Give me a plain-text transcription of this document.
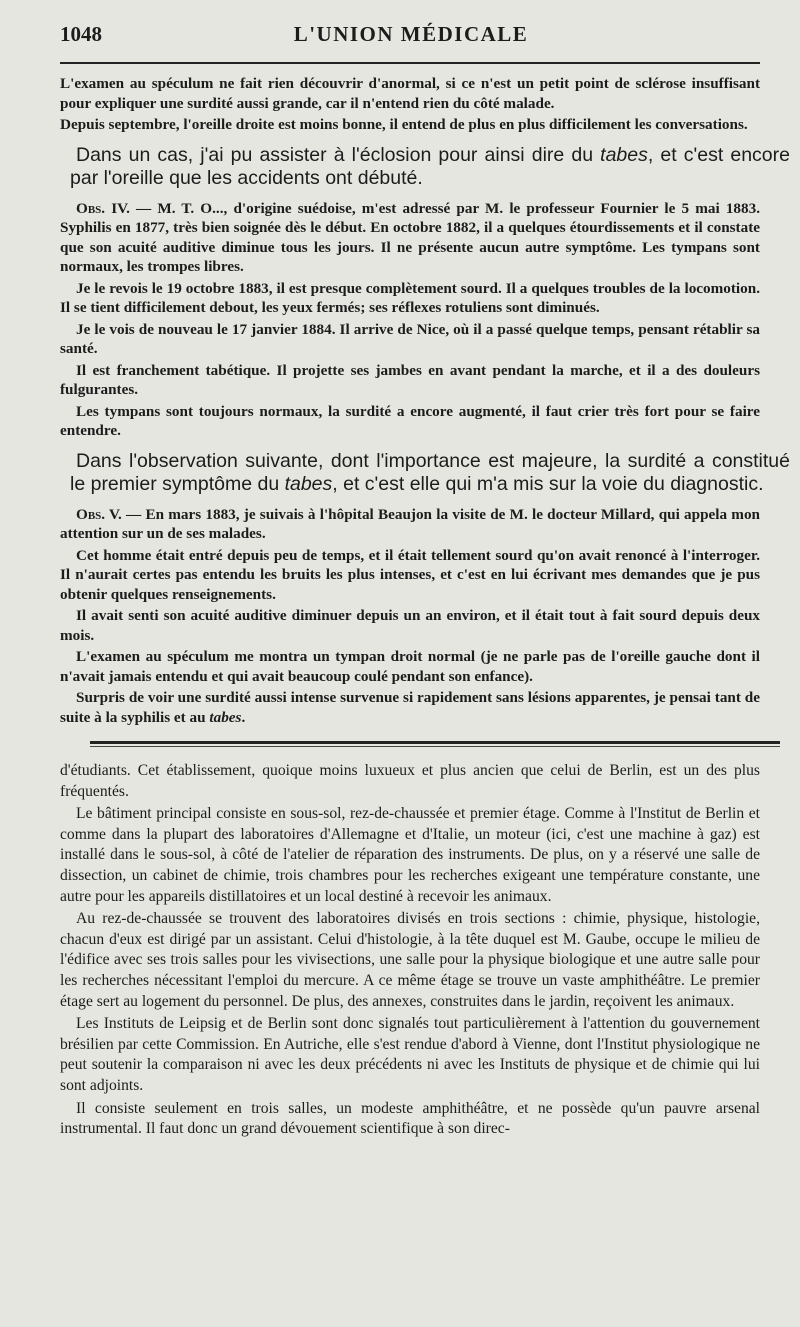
1048	L'UNION MÉDICALE

L'examen au spéculum ne fait rien découvrir d'anormal, si ce n'est un petit point de sclérose insuffisant pour expliquer une surdité aussi grande, car il n'entend rien du côté malade.

Depuis septembre, l'oreille droite est moins bonne, il entend de plus en plus difficilement les conversations.

Dans un cas, j'ai pu assister à l'éclosion pour ainsi dire du tabes, et c'est encore par l'oreille que les accidents ont débuté.

Obs. IV. — M. T. O..., d'origine suédoise, m'est adressé par M. le professeur Fournier le 5 mai 1883. Syphilis en 1877, très bien soignée dès le début. En octobre 1882, il a quelques étourdissements et il constate que son acuité auditive diminue tous les jours. Il ne présente aucun autre symptôme. Les tympans sont normaux, les trompes libres.

Je le revois le 19 octobre 1883, il est presque complètement sourd. Il a quelques troubles de la locomotion. Il se tient difficilement debout, les yeux fermés; ses réflexes rotuliens sont diminués.

Je le vois de nouveau le 17 janvier 1884. Il arrive de Nice, où il a passé quelque temps, pensant rétablir sa santé.

Il est franchement tabétique. Il projette ses jambes en avant pendant la marche, et il a des douleurs fulgurantes.

Les tympans sont toujours normaux, la surdité a encore augmenté, il faut crier très fort pour se faire entendre.

Dans l'observation suivante, dont l'importance est majeure, la surdité a constitué le premier symptôme du tabes, et c'est elle qui m'a mis sur la voie du diagnostic.

Obs. V. — En mars 1883, je suivais à l'hôpital Beaujon la visite de M. le docteur Millard, qui appela mon attention sur un de ses malades.

Cet homme était entré depuis peu de temps, et il était tellement sourd qu'on avait renoncé à l'interroger. Il n'aurait certes pas entendu les bruits les plus intenses, et c'est en lui écrivant mes demandes que je pus obtenir quelques renseignements.

Il avait senti son acuité auditive diminuer depuis un an environ, et il était tout à fait sourd depuis deux mois.

L'examen au spéculum me montra un tympan droit normal (je ne parle pas de l'oreille gauche dont il n'avait jamais entendu et qui avait beaucoup coulé pendant son enfance).

Surpris de voir une surdité aussi intense survenue si rapidement sans lésions apparentes, je pensai tant de suite à la syphilis et au tabes.

d'étudiants. Cet établissement, quoique moins luxueux et plus ancien que celui de Berlin, est un des plus fréquentés.

Le bâtiment principal consiste en sous-sol, rez-de-chaussée et premier étage. Comme à l'Institut de Berlin et comme dans la plupart des laboratoires d'Allemagne et d'Italie, un moteur (ici, c'est une machine à gaz) est installé dans le sous-sol, à côté de l'atelier de réparation des instruments. De plus, on y a réservé une salle de dissection, un cabinet de chimie, trois chambres pour les recherches exigeant une température constante, une autre pour les appareils distillatoires et un local destiné à recevoir les animaux.

Au rez-de-chaussée se trouvent des laboratoires divisés en trois sections : chimie, physique, histologie, chacun d'eux est dirigé par un assistant. Celui d'histologie, à la tête duquel est M. Gaube, occupe le milieu de l'édifice avec ses trois salles pour les vivisections, une salle pour la physique biologique et une autre salle pour les recherches nécessitant l'emploi du mercure. A ce même étage se trouve un vaste amphithéâtre. Le premier étage sert au logement du personnel. De plus, des annexes, construites dans le jardin, reçoivent les animaux.

Les Instituts de Leipsig et de Berlin sont donc signalés tout particulièrement à l'attention du gouvernement brésilien par cette Commission. En Autriche, elle s'est rendue d'abord à Vienne, dont l'Institut physiologique ne peut soutenir la comparaison ni avec les deux précédents ni avec les Instituts de physique et de chimie qui lui sont adjoints.

Il consiste seulement en trois salles, un modeste amphithéâtre, et ne possède qu'un pauvre arsenal instrumental. Il faut donc un grand dévouement scientifique à son direc-
